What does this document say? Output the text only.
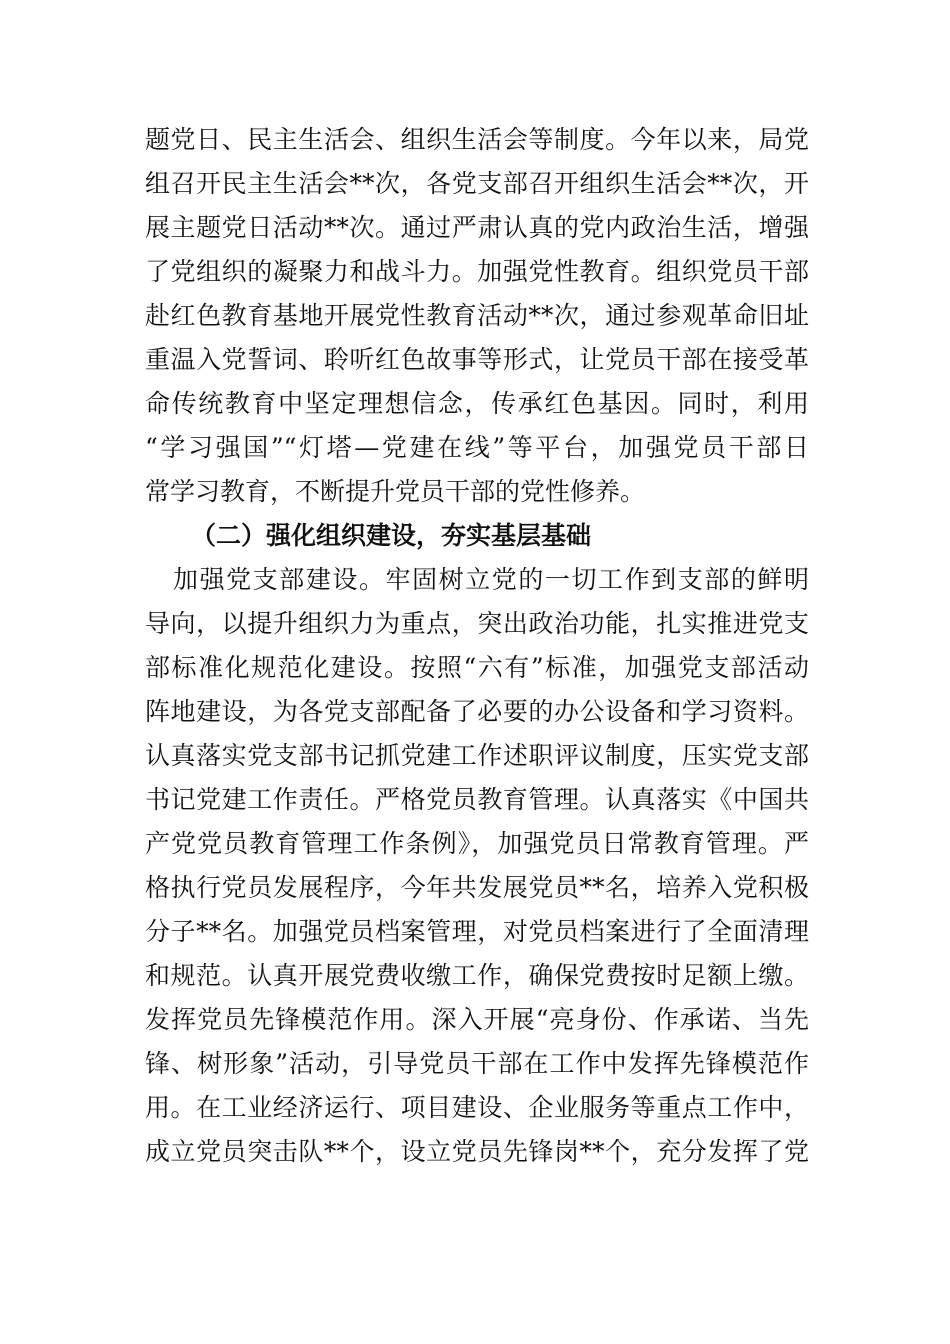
题党日、民主生活会、组织生活会等制度。今年以来，局党
组召开民主生活会**次，各党支部召开组织生活会**次，开
展主题党日活动**次。通过严肃认真的党内政治生活，增强
了党组织的凝聚力和战斗力。加强党性教育。组织党员干部
赴红色教育基地开展党性教育活动**次，通过参观革命旧址
重温入党誓词、聆听红色故事等形式，让党员干部在接受革
命传统教育中坚定理想信念，传承红色基因。同时，利用
“学习强国”“灯塔—党建在线”等平台，加强党员干部日
常学习教育，不断提升党员干部的党性修养。
（二）强化组织建设，夯实基层基础
加强党支部建设。牢固树立党的一切工作到支部的鲜明
导向，以提升组织力为重点，突出政治功能，扎实推进党支
部标准化规范化建设。按照“六有”标准，加强党支部活动
阵地建设，为各党支部配备了必要的办公设备和学习资料。
认真落实党支部书记抓党建工作述职评议制度，压实党支部
书记党建工作责任。严格党员教育管理。认真落实《中国共
产党党员教育管理工作条例》，加强党员日常教育管理。严
格执行党员发展程序，今年共发展党员**名，培养入党积极
分子**名。加强党员档案管理，对党员档案进行了全面清理
和规范。认真开展党费收缴工作，确保党费按时足额上缴。
发挥党员先锋模范作用。深入开展“亮身份、作承诺、当先
锋、树形象”活动，引导党员干部在工作中发挥先锋模范作
用。在工业经济运行、项目建设、企业服务等重点工作中，
成立党员突击队**个，设立党员先锋岗**个，充分发挥了党
